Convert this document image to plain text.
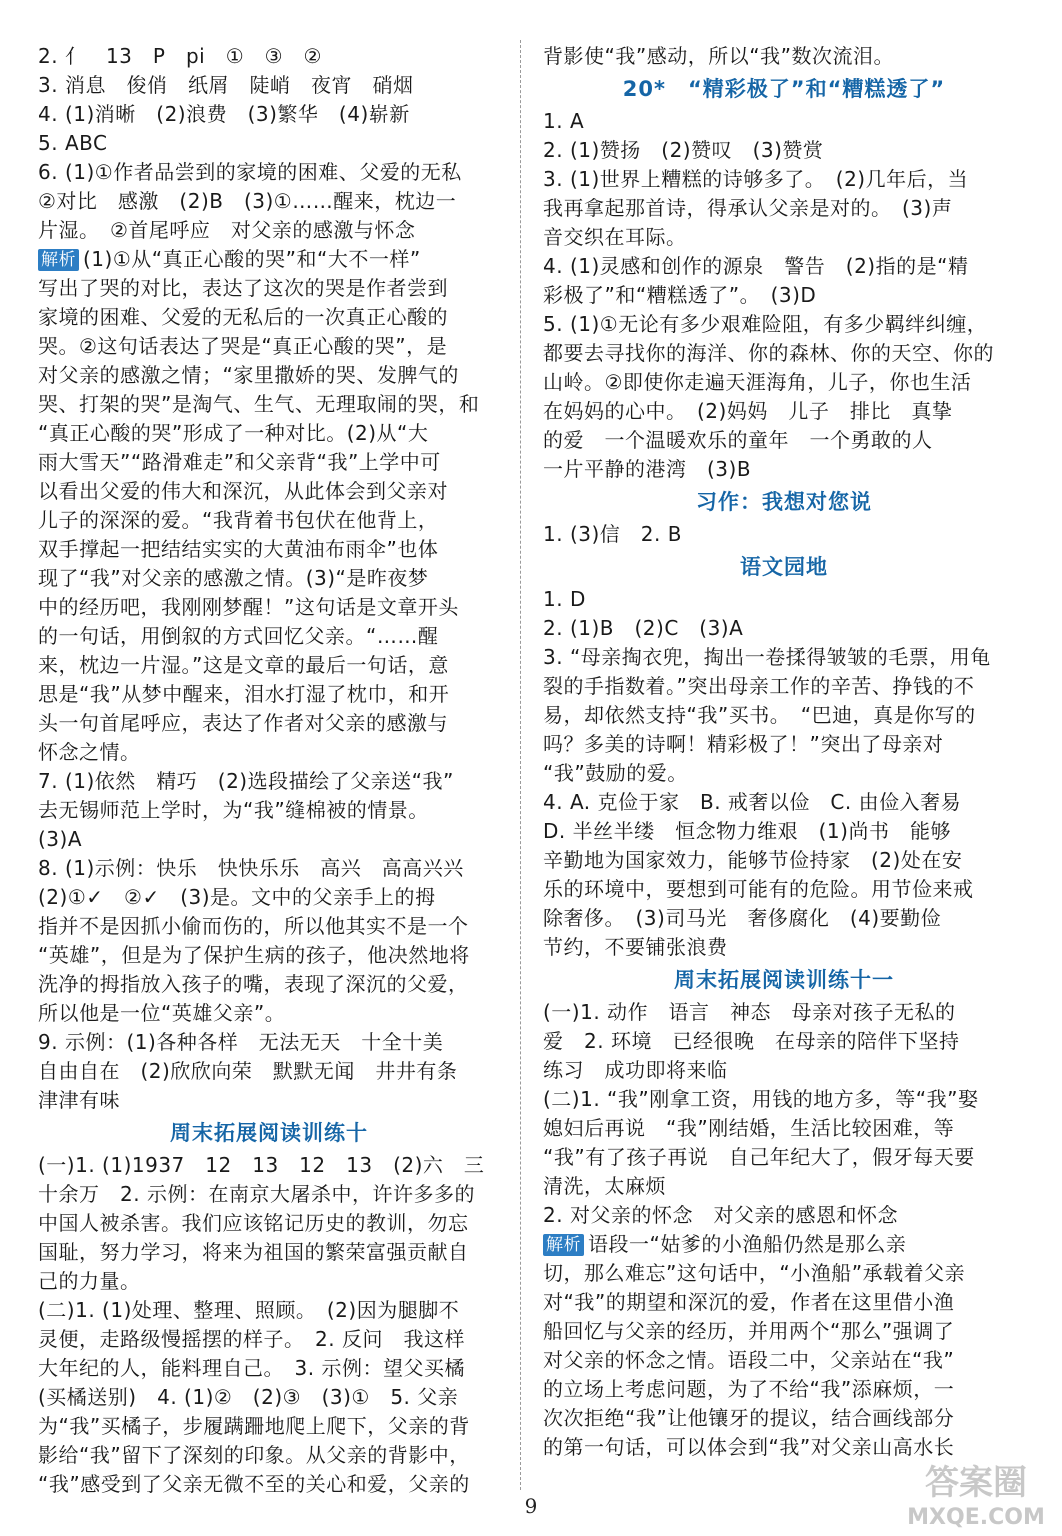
2. 亻　13　P　pi　①　③　②
3. 消息　俊俏　纸屑　陡峭　夜宵　硝烟
4. (1)消晰　(2)浪费　(3)繁华　(4)崭新
5. ABC
6. (1)①作者品尝到的家境的困难、父爱的无私
②对比　感激　(2)B　(3)①……醒来，枕边一
片湿。　②首尾呼应　对父亲的感激与怀念
解析 (1)①从“真正心酸的哭”和“大不一样”
写出了哭的对比，表达了这次的哭是作者尝到
家境的困难、父爱的无私后的一次真正心酸的
哭。②这句话表达了哭是“真正心酸的哭”，是
对父亲的感激之情；“家里撒娇的哭、发脾气的
哭、打架的哭”是淘气、生气、无理取闹的哭，和
“真正心酸的哭”形成了一种对比。(2)从“大
雨大雪天”“路滑难走”和父亲背“我”上学中可
以看出父爱的伟大和深沉，从此体会到父亲对
儿子的深深的爱。“我背着书包伏在他背上，
双手撑起一把结结实实的大黄油布雨伞”也体
现了“我”对父亲的感激之情。(3)“是昨夜梦
中的经历吧，我刚刚梦醒！”这句话是文章开头
的一句话，用倒叙的方式回忆父亲。“……醒
来，枕边一片湿。”这是文章的最后一句话，意
思是“我”从梦中醒来，泪水打湿了枕巾，和开
头一句首尾呼应，表达了作者对父亲的感激与
怀念之情。
7. (1)依然　精巧　(2)选段描绘了父亲送“我”
去无锡师范上学时，为“我”缝棉被的情景。
(3)A
8. (1)示例：快乐　快快乐乐　高兴　高高兴兴
(2)①✓　②✓　(3)是。文中的父亲手上的拇
指并不是因抓小偷而伤的，所以他其实不是一个
“英雄”，但是为了保护生病的孩子，他决然地将
洗净的拇指放入孩子的嘴，表现了深沉的父爱，
所以他是一位“英雄父亲”。
9. 示例：(1)各种各样　无法无天　十全十美
自由自在　(2)欣欣向荣　默默无闻　井井有条
津津有味
周末拓展阅读训练十
(一)1. (1)1937　12　13　12　13　(2)六　三
十余万　2. 示例：在南京大屠杀中，许许多多的
中国人被杀害。我们应该铭记历史的教训，勿忘
国耻，努力学习，将来为祖国的繁荣富强贡献自
己的力量。
(二)1. (1)处理、整理、照顾。　(2)因为腿脚不
灵便，走路级慢摇摆的样子。　2. 反问　我这样
大年纪的人，能料理自己。　3. 示例：望父买橘
(买橘送别)　4. (1)②　(2)③　(3)①　5. 父亲
为“我”买橘子，步履蹒跚地爬上爬下，父亲的背
影给“我”留下了深刻的印象。从父亲的背影中，
“我”感受到了父亲无微不至的关心和爱，父亲的
背影使“我”感动，所以“我”数次流泪。
20*　“精彩极了”和“糟糕透了”
1. A
2. (1)赞扬　(2)赞叹　(3)赞赏
3. (1)世界上糟糕的诗够多了。　(2)几年后，当
我再拿起那首诗，得承认父亲是对的。　(3)声
音交织在耳际。
4. (1)灵感和创作的源泉　警告　(2)指的是“精
彩极了”和“糟糕透了”。　(3)D
5. (1)①无论有多少艰难险阻，有多少羁绊纠缠，
都要去寻找你的海洋、你的森林、你的天空、你的
山岭。②即使你走遍天涯海角，儿子，你也生活
在妈妈的心中。　(2)妈妈　儿子　排比　真挚
的爱　一个温暖欢乐的童年　一个勇敢的人
一片平静的港湾　(3)B
习作：我想对您说
1. (3)信　2. B
语文园地
1. D
2. (1)B　(2)C　(3)A
3. “母亲掏衣兜，掏出一卷揉得皱皱的毛票，用龟
裂的手指数着。”突出母亲工作的辛苦、挣钱的不
易，却依然支持“我”买书。　“巴迪，真是你写的
吗？多美的诗啊！精彩极了！”突出了母亲对
“我”鼓励的爱。
4. A. 克俭于家　B. 戒奢以俭　C. 由俭入奢易
D. 半丝半缕　恒念物力维艰　(1)尚书　能够
辛勤地为国家效力，能够节俭持家　(2)处在安
乐的环境中，要想到可能有的危险。用节俭来戒
除奢侈。　(3)司马光　奢侈腐化　(4)要勤俭
节约，不要铺张浪费
周末拓展阅读训练十一
(一)1. 动作　语言　神态　母亲对孩子无私的
爱　2. 环境　已经很晚　在母亲的陪伴下坚持
练习　成功即将来临
(二)1. “我”刚拿工资，用钱的地方多，等“我”娶
媳妇后再说　“我”刚结婚，生活比较困难，等
“我”有了孩子再说　自己年纪大了，假牙每天要
清洗，太麻烦
2. 对父亲的怀念　对父亲的感恩和怀念
解析 语段一“姑爹的小渔船仍然是那么亲
切，那么难忘”这句话中，“小渔船”承载着父亲
对“我”的期望和深沉的爱，作者在这里借小渔
船回忆与父亲的经历，并用两个“那么”强调了
对父亲的怀念之情。语段二中，父亲站在“我”
的立场上考虑问题，为了不给“我”添麻烦，一
次次拒绝“我”让他镶牙的提议，结合画线部分
的第一句话，可以体会到“我”对父亲山高水长
9
答案圈
MXQE.COM
